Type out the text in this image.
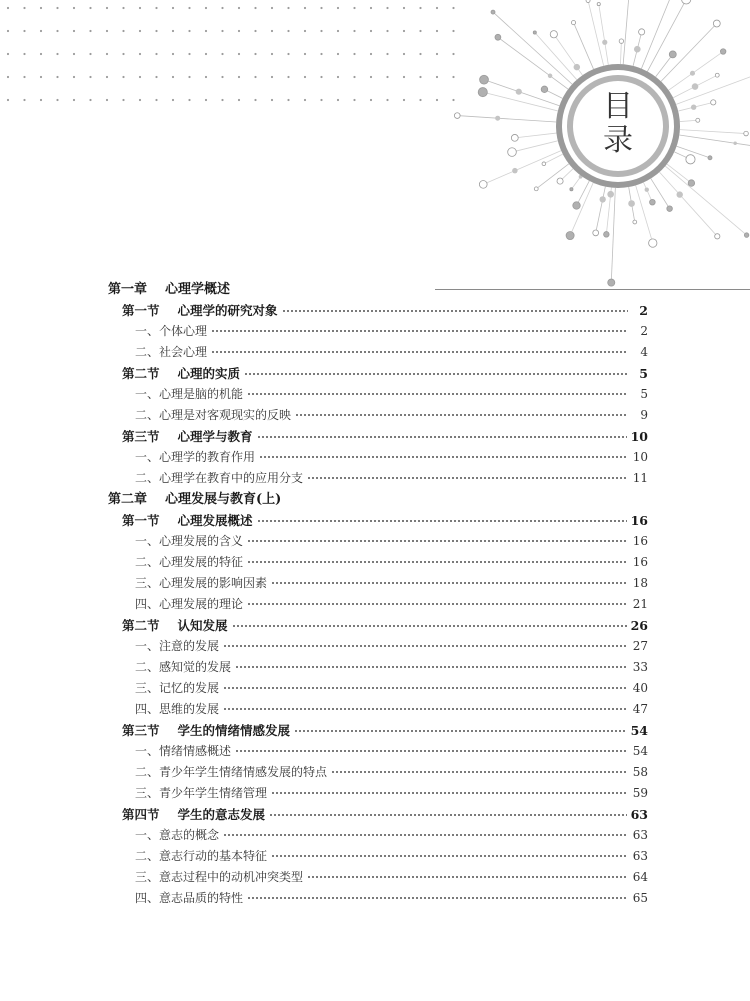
目
录
第一章 心理学概述
第一节 心理学的研究对象	2
一、 个体心理	2
二、 社会心理	4
第二节 心理的实质	5
一、 心理是脑的机能	5
二、 心理是对客观现实的反映	9
第三节 心理学与教育	10
一、 心理学的教育作用	10
二、 心理学在教育中的应用分支	11
第二章 心理发展与教育(上)
第一节 心理发展概述	16
一、 心理发展的含义	16
二、 心理发展的特征	16
三、 心理发展的影响因素	18
四、 心理发展的理论	21
第二节 认知发展	26
一、 注意的发展	27
二、 感知觉的发展	33
三、 记忆的发展	40
四、 思维的发展	47
第三节 学生的情绪情感发展	54
一、 情绪情感概述	54
二、 青少年学生情绪情感发展的特点	58
三、 青少年学生情绪管理	59
第四节 学生的意志发展	63
一、 意志的概念	63
二、 意志行动的基本特征	63
三、 意志过程中的动机冲突类型	64
四、 意志品质的特性	65
